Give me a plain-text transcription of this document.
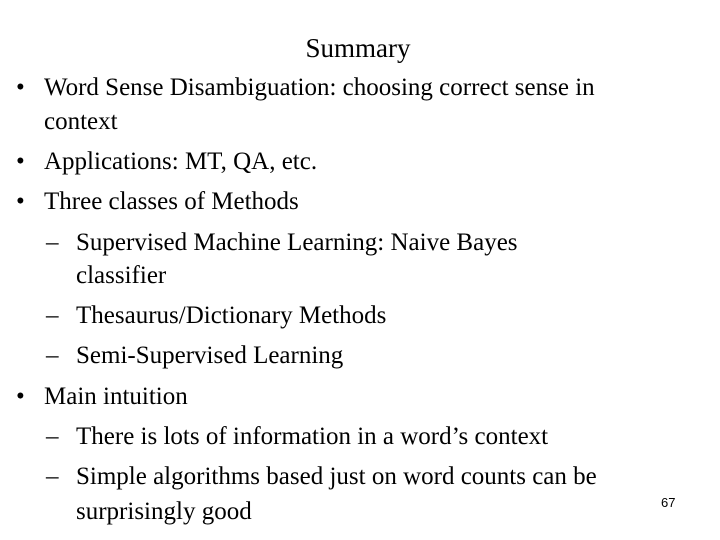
Summary
• Word Sense Disambiguation: choosing correct sense in
context
• Applications: MT, QA, etc.
• Three classes of Methods
– Supervised Machine Learning: Naive Bayes
classifier
– Thesaurus/Dictionary Methods
– Semi-Supervised Learning
• Main intuition
– There is lots of information in a word’s context
– Simple algorithms based just on word counts can be
surprisingly good	67
